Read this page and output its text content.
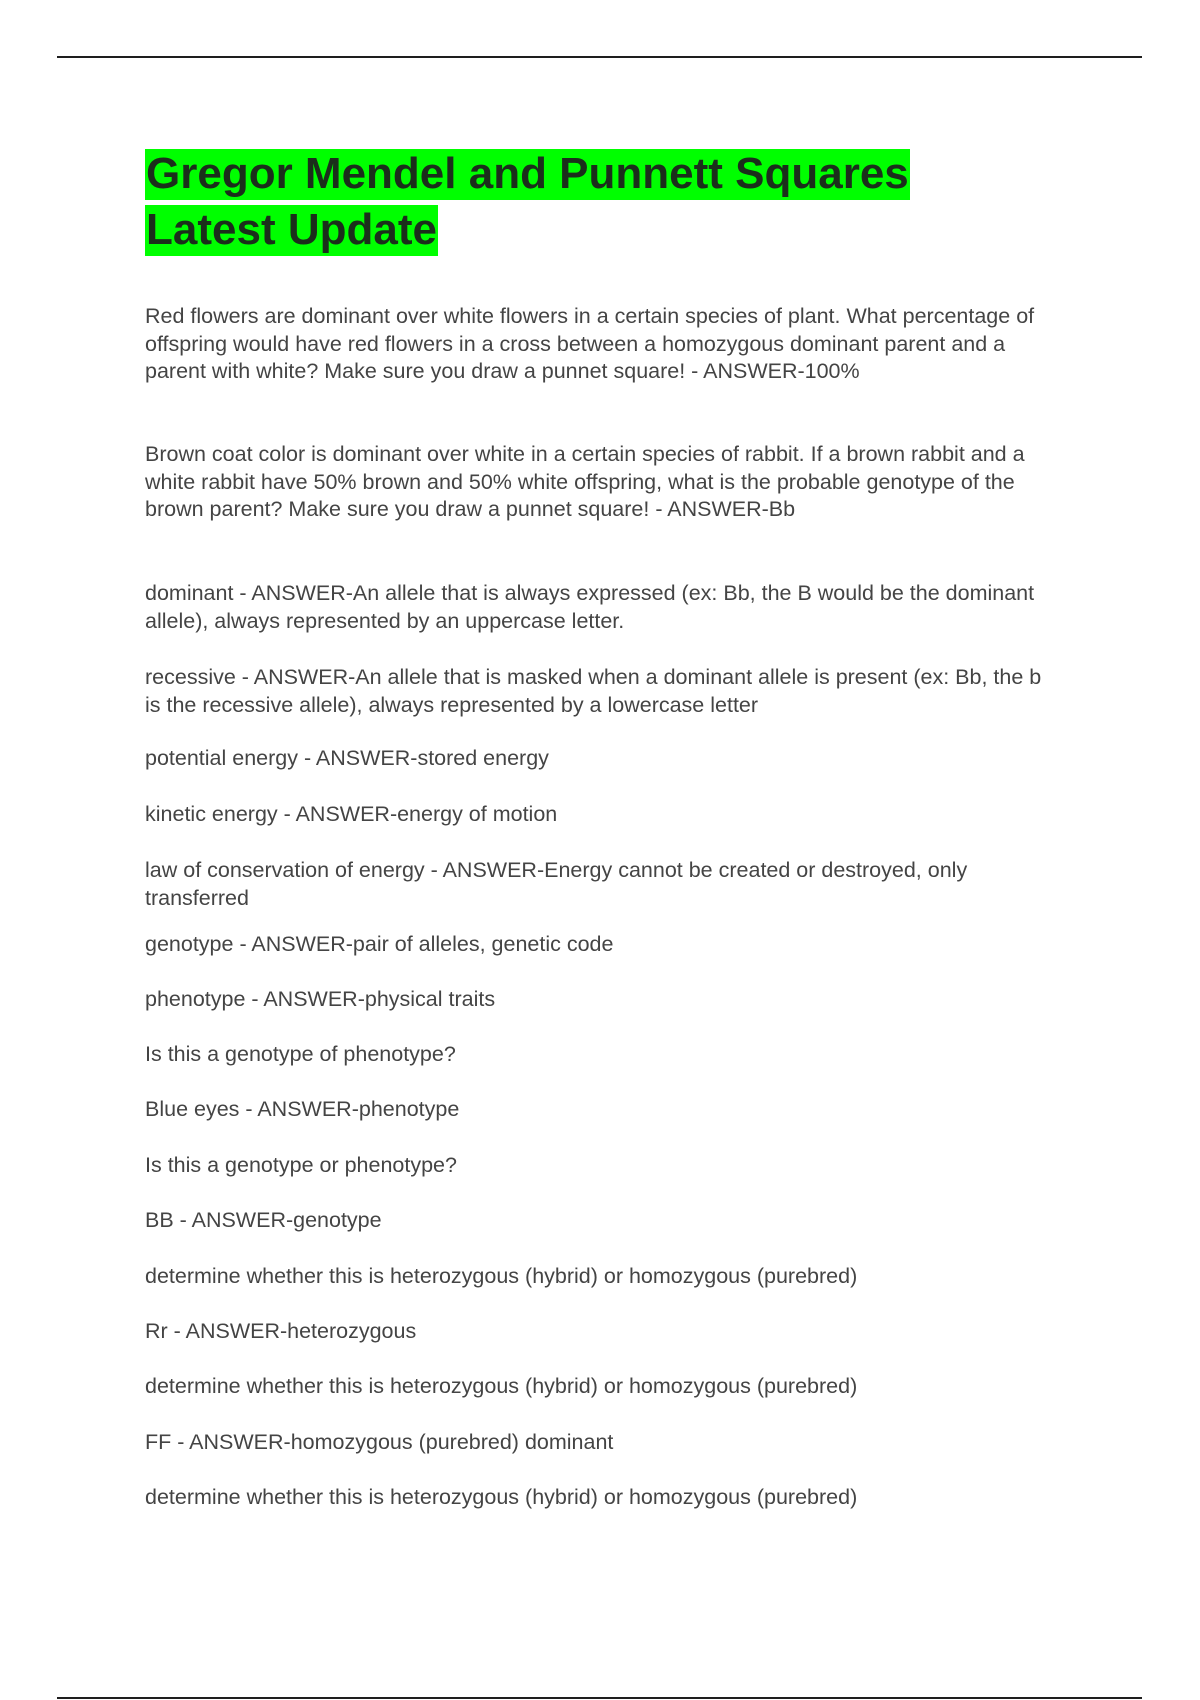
Gregor Mendel and Punnett Squares
Latest Update

Red flowers are dominant over white flowers in a certain species of plant. What percentage of offspring would have red flowers in a cross between a homozygous dominant parent and a parent with white? Make sure you draw a punnet square! - ANSWER-100%

Brown coat color is dominant over white in a certain species of rabbit. If a brown rabbit and a white rabbit have 50% brown and 50% white offspring, what is the probable genotype of the brown parent? Make sure you draw a punnet square! - ANSWER-Bb

dominant - ANSWER-An allele that is always expressed (ex: Bb, the B would be the dominant allele), always represented by an uppercase letter.

recessive - ANSWER-An allele that is masked when a dominant allele is present (ex: Bb, the b is the recessive allele), always represented by a lowercase letter

potential energy - ANSWER-stored energy

kinetic energy - ANSWER-energy of motion

law of conservation of energy - ANSWER-Energy cannot be created or destroyed, only transferred

genotype - ANSWER-pair of alleles, genetic code

phenotype - ANSWER-physical traits

Is this a genotype of phenotype?

Blue eyes - ANSWER-phenotype

Is this a genotype or phenotype?

BB - ANSWER-genotype

determine whether this is heterozygous (hybrid) or homozygous (purebred)

Rr - ANSWER-heterozygous

determine whether this is heterozygous (hybrid) or homozygous (purebred)

FF - ANSWER-homozygous (purebred) dominant

determine whether this is heterozygous (hybrid) or homozygous (purebred)
